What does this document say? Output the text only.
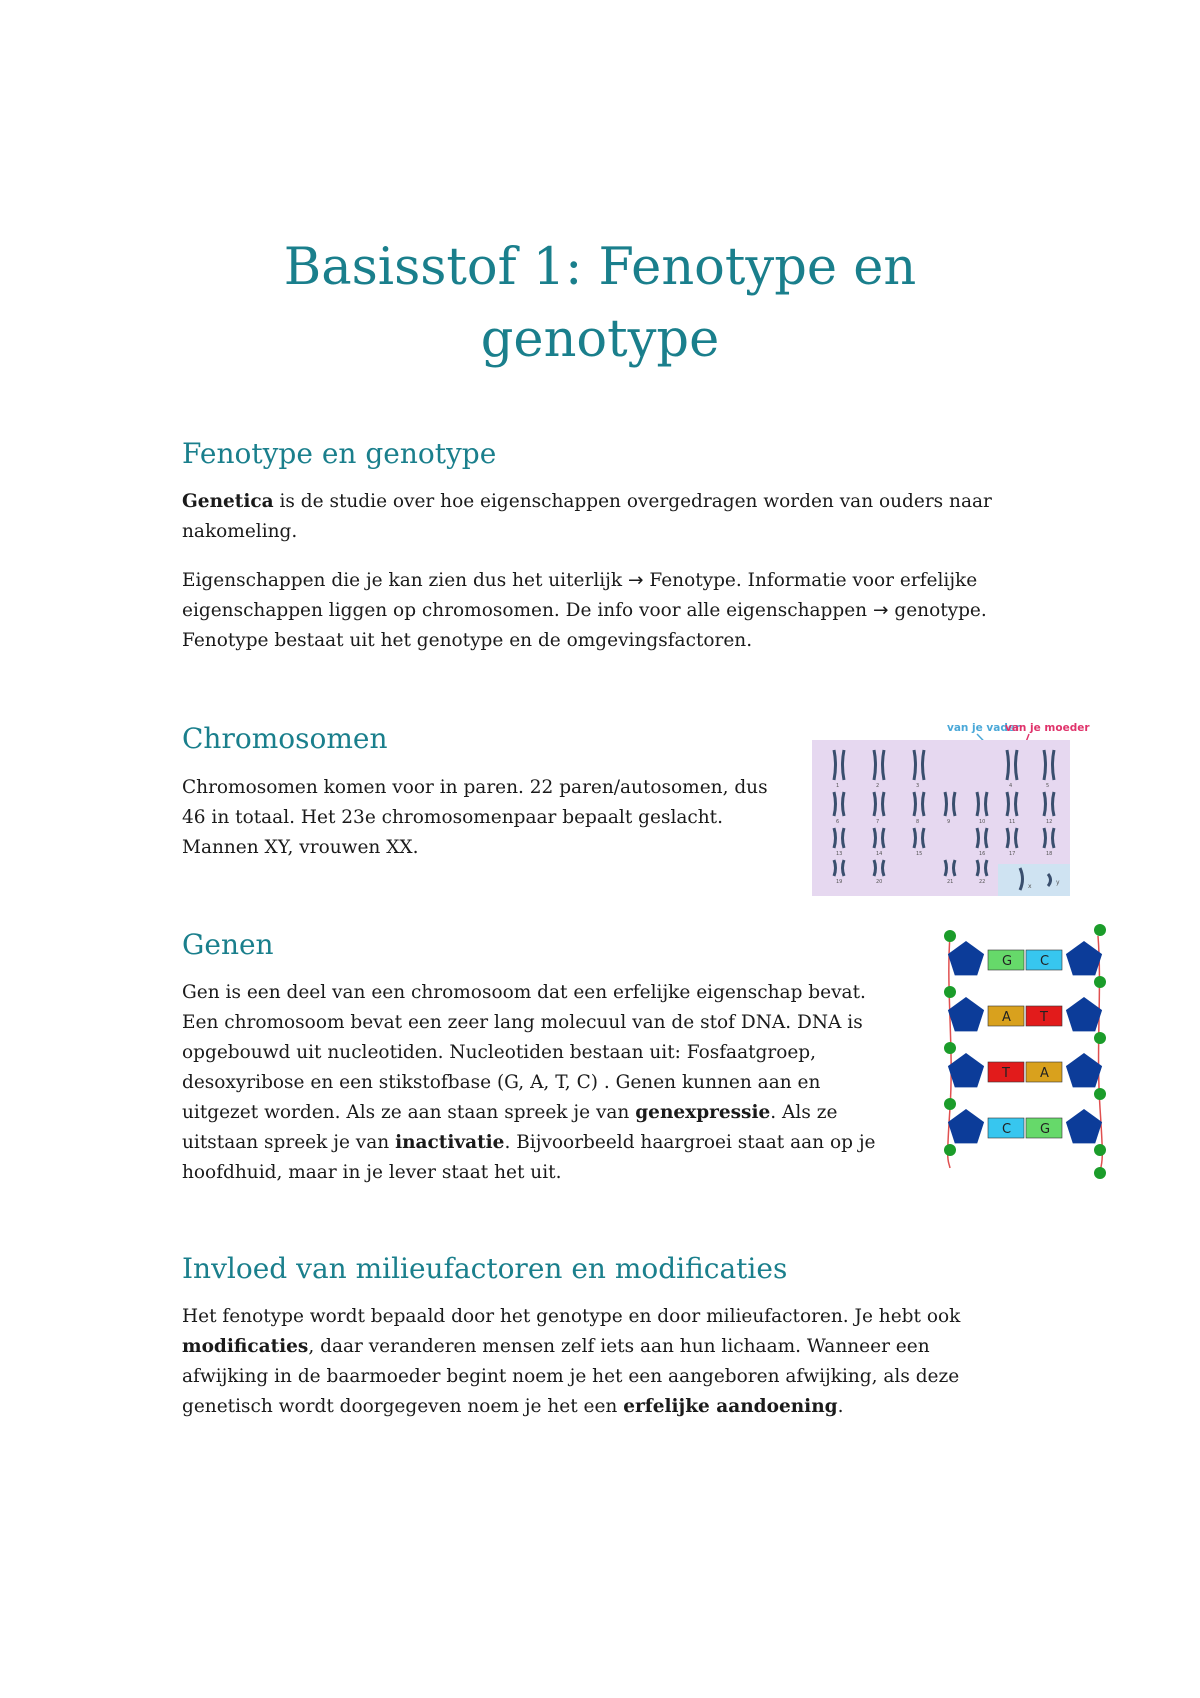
Basisstof 1: Fenotype en genotype
Fenotype en genotype

Genetica is de studie over hoe eigenschappen overgedragen worden van ouders naar nakomeling.

Eigenschappen die je kan zien dus het uiterlijk → Fenotype. Informatie voor erfelijke eigenschappen liggen op chromosomen. De info voor alle eigenschappen → genotype. Fenotype bestaat uit het genotype en de omgevingsfactoren.

Chromosomen

Chromosomen komen voor in paren. 22 paren/autosomen, dus 46 in totaal. Het 23e chromosomenpaar bepaalt geslacht. Mannen XY, vrouwen XX.

van je vader
van je moeder
1	2	3	4	5
6	7	8	9	10	11	12
13	14	15	16	17	18
19	20	21	22
x
y
Genen

Gen is een deel van een chromosoom dat een erfelijke eigenschap bevat. Een chromosoom bevat een zeer lang molecuul van de stof DNA. DNA is opgebouwd uit nucleotiden. Nucleotiden bestaan uit: Fosfaatgroep, desoxyribose en een stikstofbase (G, A, T, C) . Genen kunnen aan en uitgezet worden. Als ze aan staan spreek je van genexpressie. Als ze uitstaan spreek je van inactivatie. Bijvoorbeeld haargroei staat aan op je hoofdhuid, maar in je lever staat het uit.

G C
A T
T A
C G
Invloed van milieufactoren en modificaties

Het fenotype wordt bepaald door het genotype en door milieufactoren. Je hebt ook modificaties, daar veranderen mensen zelf iets aan hun lichaam. Wanneer een afwijking in de baarmoeder begint noem je het een aangeboren afwijking, als deze genetisch wordt doorgegeven noem je het een erfelijke aandoening.
